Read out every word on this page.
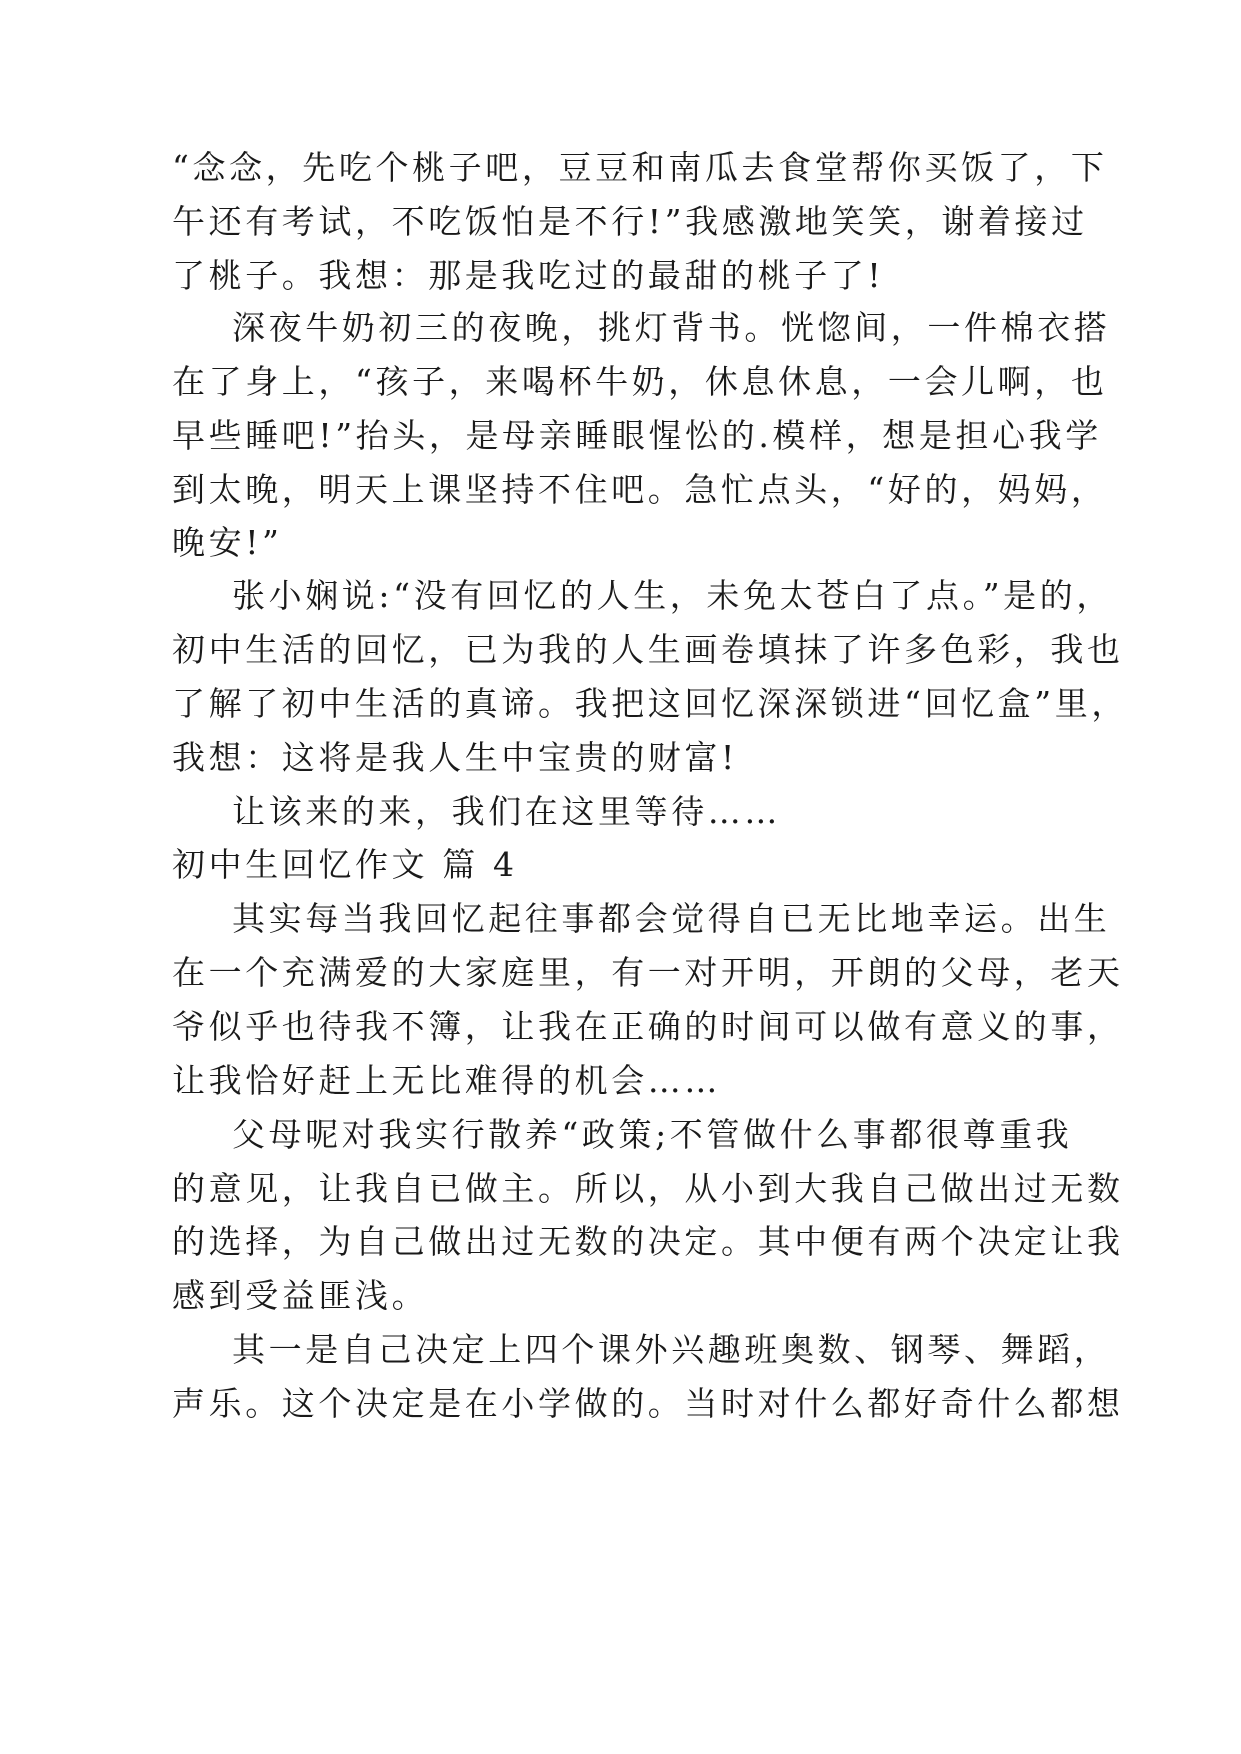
“念念，先吃个桃子吧，豆豆和南瓜去食堂帮你买饭了，下
午还有考试，不吃饭怕是不行!”我感激地笑笑，谢着接过
了桃子。我想：那是我吃过的最甜的桃子了!
深夜牛奶初三的夜晚，挑灯背书。恍惚间，一件棉衣搭
在了身上，“孩子，来喝杯牛奶，休息休息，一会儿啊，也
早些睡吧!”抬头，是母亲睡眼惺忪的.模样，想是担心我学
到太晚，明天上课坚持不住吧。急忙点头，“好的，妈妈，
晚安!”
张小娴说:“没有回忆的人生，未免太苍白了点。”是的，
初中生活的回忆，已为我的人生画卷填抹了许多色彩，我也
了解了初中生活的真谛。我把这回忆深深锁进“回忆盒”里，
我想：这将是我人生中宝贵的财富!
让该来的来，我们在这里等待……
初中生回忆作文 篇 4
其实每当我回忆起往事都会觉得自已无比地幸运。出生
在一个充满爱的大家庭里，有一对开明，开朗的父母，老天
爷似乎也待我不簿，让我在正确的时间可以做有意义的事，
让我恰好赶上无比难得的机会……
父母呢对我实行散养“政策;不管做什么事都很尊重我
的意见，让我自已做主。所以，从小到大我自己做出过无数
的选择，为自己做出过无数的决定。其中便有两个决定让我
感到受益匪浅。
其一是自己决定上四个课外兴趣班奥数、钢琴、舞蹈，
声乐。这个决定是在小学做的。当时对什么都好奇什么都想
